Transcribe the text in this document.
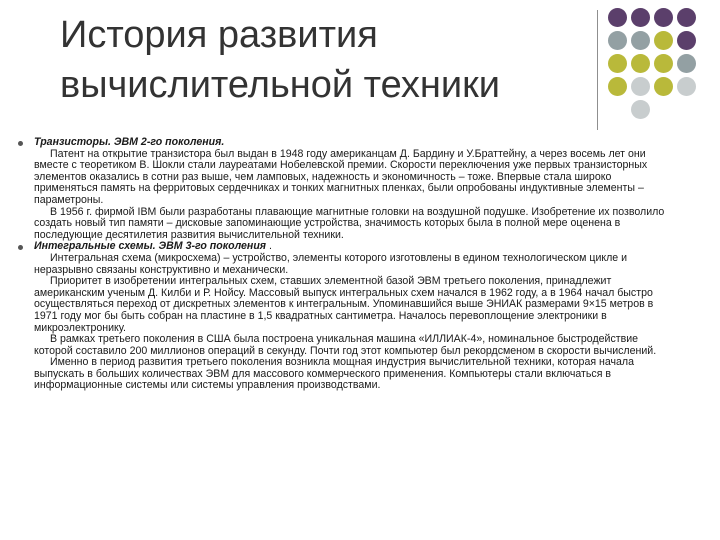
История развития
вычислительной техники
Транзисторы. ЭВМ 2-го поколения.

Патент на открытие транзистора был выдан в 1948 году американцам Д. Бардину и У.Браттейну, а через восемь лет они вместе с теоретиком В. Шокли стали лауреатами Нобелевской премии. Скорости переключения уже первых транзисторных элементов оказались в сотни раз выше, чем ламповых, надежность и экономичность – тоже. Впервые стала широко применяться память на ферритовых сердечниках и тонких магнитных пленках, были опробованы индуктивные элементы – параметроны.

В 1956 г. фирмой IBM были разработаны плавающие магнитные головки на воздушной подушке. Изобретение их позволило создать новый тип памяти – дисковые запоминающие устройства, значимость которых была в полной мере оценена в последующие десятилетия развития вычислительной техники.

Интегральные схемы. ЭВМ 3-го поколения .

Интегральная схема (микросхема) – устройство, элементы которого изготовлены в едином технологическом цикле и неразрывно связаны конструктивно и механически.

Приоритет в изобретении интегральных схем, ставших элементной базой ЭВМ третьего поколения, принадлежит американским ученым Д. Килби и Р. Нойсу. Массовый выпуск интегральных схем начался в 1962 году, а в 1964 начал быстро осуществляться переход от дискретных элементов к интегральным. Упоминавшийся выше ЭНИАК размерами 9×15 метров в 1971 году мог бы быть собран на пластине в 1,5 квадратных сантиметра. Началось перевоплощение электроники в микроэлектронику.

В рамках третьего поколения в США была построена уникальная машина «ИЛЛИАК-4», номинальное быстродействие которой составило 200 миллионов операций в секунду. Почти год этот компьютер был рекордсменом в скорости вычислений.

Именно в период развития третьего поколения возникла мощная индустрия вычислительной техники, которая начала выпускать в больших количествах ЭВМ для массового коммерческого применения. Компьютеры стали включаться в информационные системы или системы управления производствами.
